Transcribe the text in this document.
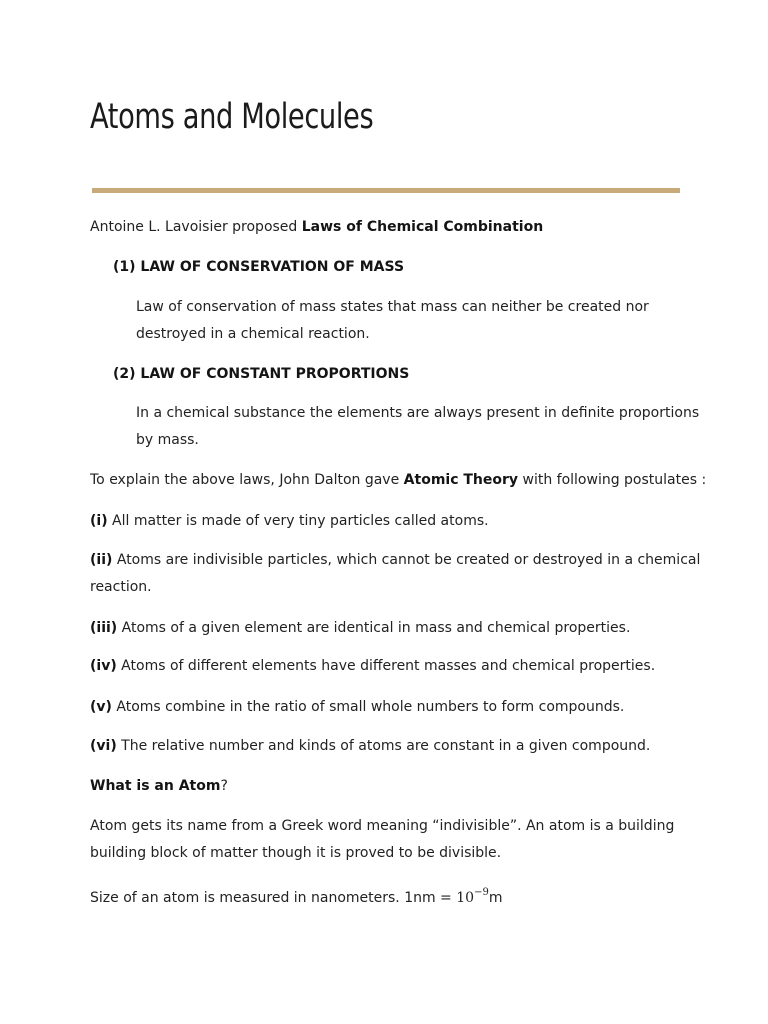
Atoms and Molecules

Antoine L. Lavoisier proposed Laws of Chemical Combination

(1) LAW OF CONSERVATION OF MASS

Law of conservation of mass states that mass can neither be created nor

destroyed in a chemical reaction.

(2) LAW OF CONSTANT PROPORTIONS

In a chemical substance the elements are always present in definite proportions

by mass.

To explain the above laws, John Dalton gave Atomic Theory with following postulates :

(i) All matter is made of very tiny particles called atoms.

(ii) Atoms are indivisible particles, which cannot be created or destroyed in a chemical

reaction.

(iii) Atoms of a given element are identical in mass and chemical properties.

(iv) Atoms of different elements have different masses and chemical properties.

(v) Atoms combine in the ratio of small whole numbers to form compounds.

(vi) The relative number and kinds of atoms are constant in a given compound.

What is an Atom?

Atom gets its name from a Greek word meaning “indivisible”. An atom is a building

building block of matter though it is proved to be divisible.

Size of an atom is measured in nanometers. $1nm = 10^{-9}m$
